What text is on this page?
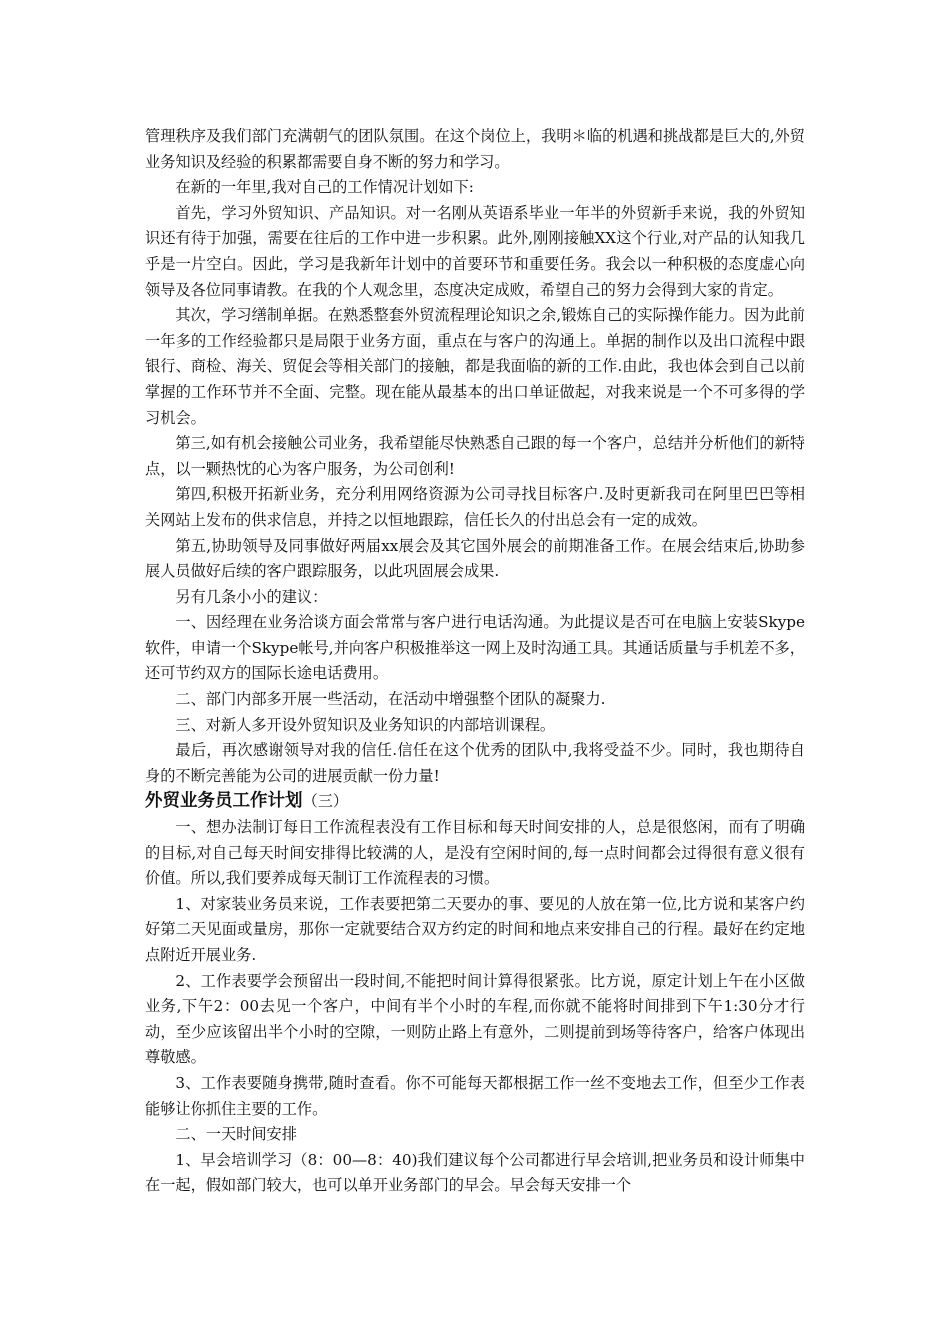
管理秩序及我们部门充满朝气的团队氛围。在这个岗位上，我明＊临的机遇和挑战都是巨大的,外贸业务知识及经验的积累都需要自身不断的努力和学习。

在新的一年里,我对自己的工作情况计划如下:

首先，学习外贸知识、产品知识。对一名刚从英语系毕业一年半的外贸新手来说，我的外贸知识还有待于加强，需要在往后的工作中进一步积累。此外,刚刚接触XX这个行业,对产品的认知我几乎是一片空白。因此，学习是我新年计划中的首要环节和重要任务。我会以一种积极的态度虚心向领导及各位同事请教。在我的个人观念里，态度决定成败，希望自己的努力会得到大家的肯定。

其次，学习缮制单据。在熟悉整套外贸流程理论知识之余,锻炼自己的实际操作能力。因为此前一年多的工作经验都只是局限于业务方面，重点在与客户的沟通上。单据的制作以及出口流程中跟银行、商检、海关、贸促会等相关部门的接触，都是我面临的新的工作.由此，我也体会到自己以前掌握的工作环节并不全面、完整。现在能从最基本的出口单证做起，对我来说是一个不可多得的学习机会。

第三,如有机会接触公司业务，我希望能尽快熟悉自己跟的每一个客户，总结并分析他们的新特点，以一颗热忱的心为客户服务，为公司创利!

第四,积极开拓新业务，充分利用网络资源为公司寻找目标客户.及时更新我司在阿里巴巴等相关网站上发布的供求信息，并持之以恒地跟踪，信任长久的付出总会有一定的成效。

第五,协助领导及同事做好两届xx展会及其它国外展会的前期准备工作。在展会结束后,协助参展人员做好后续的客户跟踪服务，以此巩固展会成果.

另有几条小小的建议：

一、因经理在业务洽谈方面会常常与客户进行电话沟通。为此提议是否可在电脑上安装Skype软件，申请一个Skype帐号,并向客户积极推举这一网上及时沟通工具。其通话质量与手机差不多，还可节约双方的国际长途电话费用。

二、部门内部多开展一些活动，在活动中增强整个团队的凝聚力.

三、对新人多开设外贸知识及业务知识的内部培训课程。

最后，再次感谢领导对我的信任.信任在这个优秀的团队中,我将受益不少。同时，我也期待自身的不断完善能为公司的进展贡献一份力量!

外贸业务员工作计划（三）

一、想办法制订每日工作流程表没有工作目标和每天时间安排的人，总是很悠闲，而有了明确的目标,对自己每天时间安排得比较满的人，是没有空闲时间的,每一点时间都会过得很有意义很有价值。所以,我们要养成每天制订工作流程表的习惯。

1、对家装业务员来说，工作表要把第二天要办的事、要见的人放在第一位,比方说和某客户约好第二天见面或量房，那你一定就要结合双方约定的时间和地点来安排自己的行程。最好在约定地点附近开展业务.

2、工作表要学会预留出一段时间,不能把时间计算得很紧张。比方说，原定计划上午在小区做业务,下午2：00去见一个客户，中间有半个小时的车程,而你就不能将时间排到下午1:30分才行动，至少应该留出半个小时的空隙，一则防止路上有意外，二则提前到场等待客户，给客户体现出尊敬感。

3、工作表要随身携带,随时查看。你不可能每天都根据工作一丝不变地去工作，但至少工作表能够让你抓住主要的工作。

二、一天时间安排

1、早会培训学习（8：00—8：40)我们建议每个公司都进行早会培训,把业务员和设计师集中在一起，假如部门较大，也可以单开业务部门的早会。早会每天安排一个
